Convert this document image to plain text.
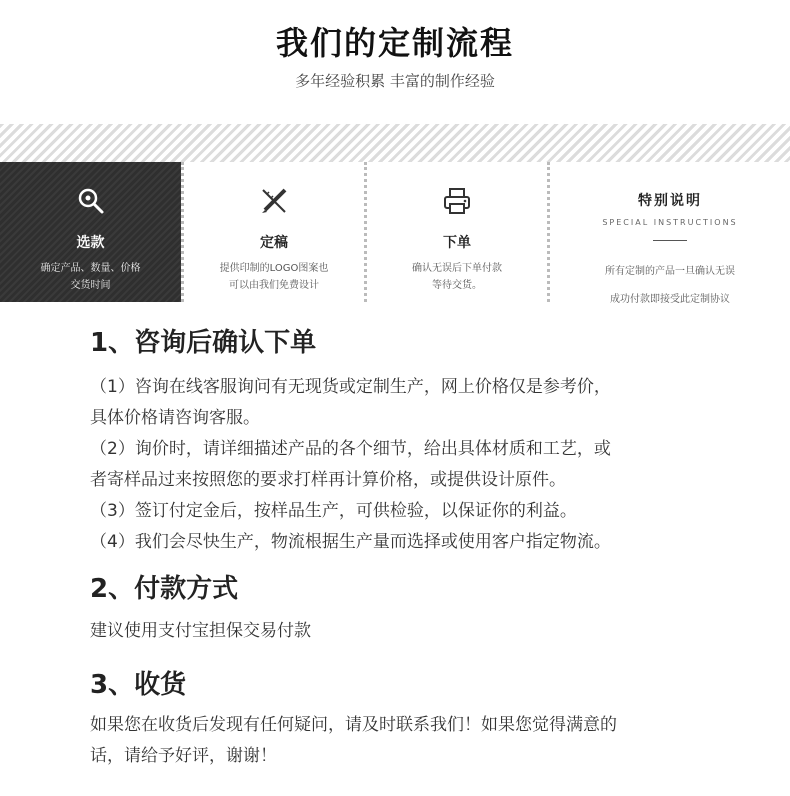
我们的定制流程
多年经验积累 丰富的制作经验
选款
确定产品、数量、价格
交货时间
定稿
提供印制的LOGO图案也
可以由我们免费设计
下单
确认无误后下单付款
等待交货。
特别说明
SPECIAL INSTRUCTIONS
所有定制的产品一旦确认无误
成功付款即接受此定制协议
1、咨询后确认下单
（1）咨询在线客服询问有无现货或定制生产，网上价格仅是参考价，
具体价格请咨询客服。
（2）询价时，请详细描述产品的各个细节，给出具体材质和工艺，或
者寄样品过来按照您的要求打样再计算价格，或提供设计原件。
（3）签订付定金后，按样品生产，可供检验，以保证你的利益。
（4）我们会尽快生产，物流根据生产量而选择或使用客户指定物流。
2、付款方式
建议使用支付宝担保交易付款
3、收货
如果您在收货后发现有任何疑问，请及时联系我们！如果您觉得满意的
话，请给予好评，谢谢！
